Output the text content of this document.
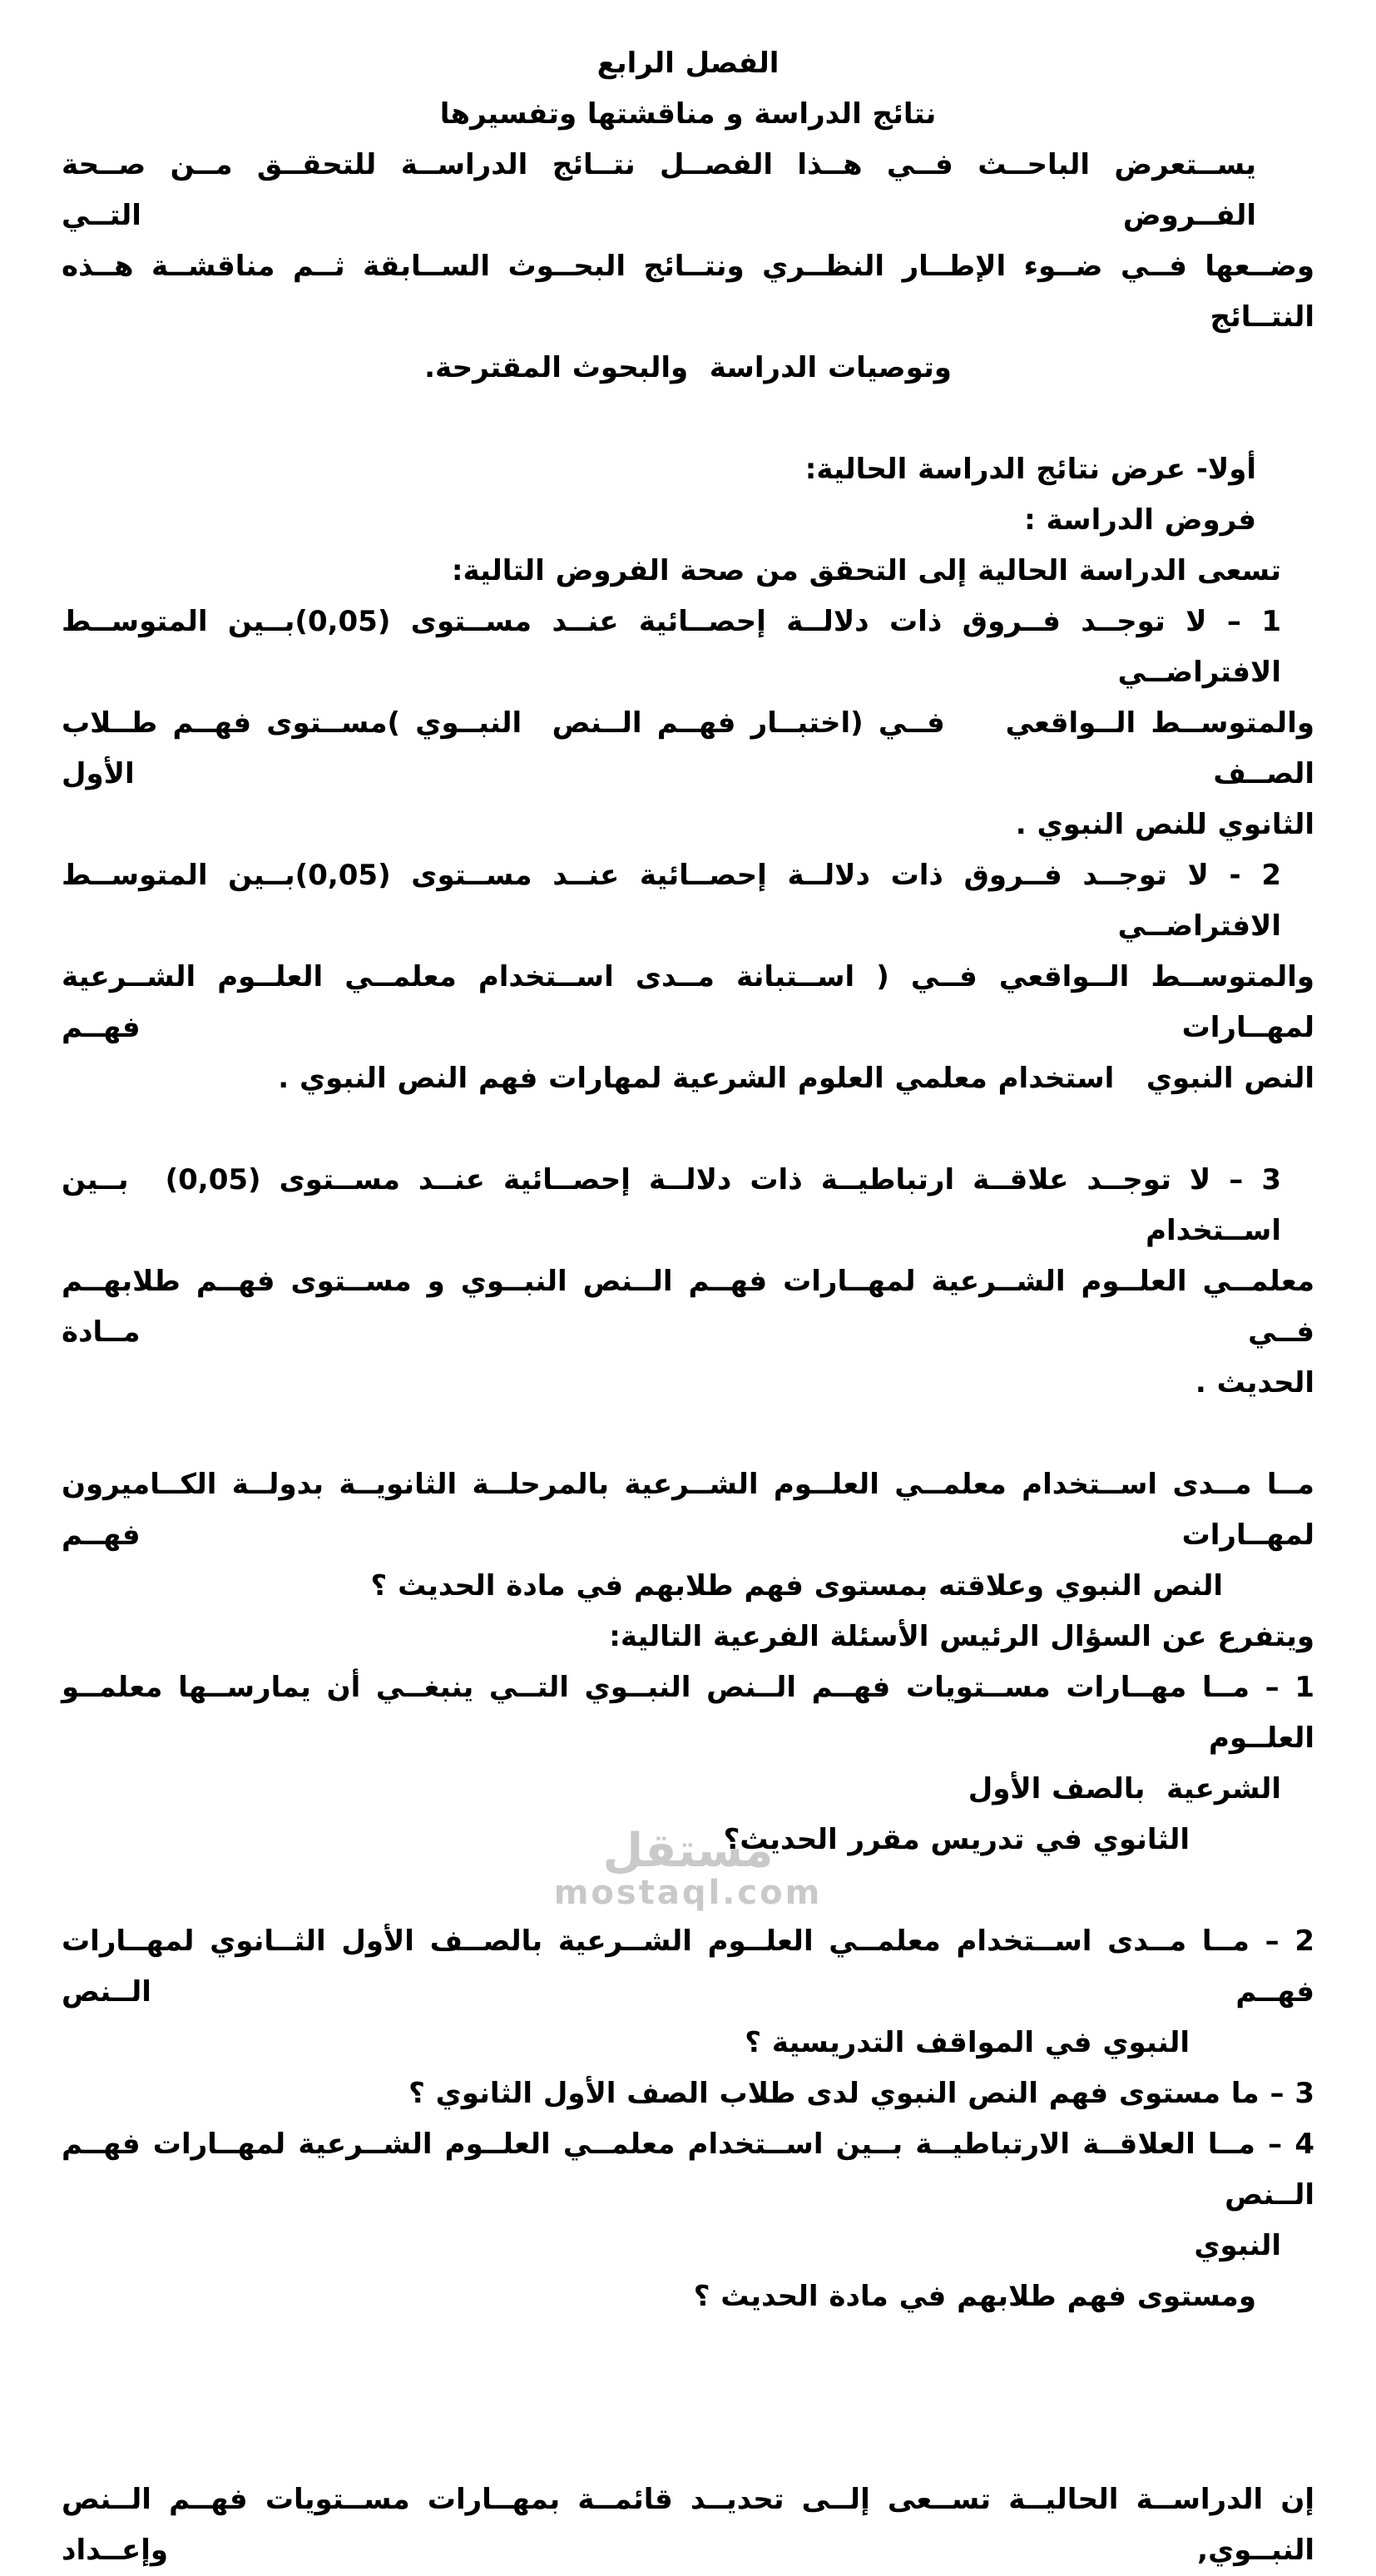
الفصل الرابع
نتائج الدراسة و مناقشتها وتفسيرها
يســتعرض الباحــث فــي هــذا الفصــل نتــائج الدراســة للتحقــق مــن صــحة الفــروض التــي
وضــعها فــي ضــوء الإطــار النظــري ونتــائج البحــوث الســابقة ثــم مناقشــة هــذه النتــائج
وتوصيات الدراسة  والبحوث المقترحة.
أولا- عرض نتائج الدراسة الحالية:
فروض الدراسة :
تسعى الدراسة الحالية إلى التحقق من صحة الفروض التالية:
1 – لا توجــد فــروق ذات دلالــة إحصــائية عنــد مســتوى (0,05)بــين المتوســط الافتراضــي
والمتوســط الــواقعي    فــي (اختبــار فهــم الــنص  النبــوي )مســتوى فهــم طــلاب الصــف الأول
الثانوي للنص النبوي .
2 - لا توجــد فــروق ذات دلالــة إحصــائية عنــد مســتوى (0,05)بــين المتوســط الافتراضــي
والمتوســط الــواقعي فــي ( اســتبانة مــدى اســتخدام معلمــي العلــوم الشــرعية لمهــارات فهــم
النص النبوي   استخدام معلمي العلوم الشرعية لمهارات فهم النص النبوي .
3 – لا توجــد علاقــة ارتباطيــة ذات دلالــة إحصــائية عنــد مســتوى (0,05)  بــين اســتخدام
معلمــي العلــوم الشــرعية لمهــارات فهــم الــنص النبــوي و مســتوى فهــم طلابهــم فــي مــادة
الحديث .
مــا مــدى اســتخدام معلمــي العلــوم الشــرعية بالمرحلــة الثانويــة بدولــة الكــاميرون لمهــارات فهــم
النص النبوي وعلاقته بمستوى فهم طلابهم في مادة الحديث ؟
ويتفرع عن السؤال الرئيس الأسئلة الفرعية التالية:
1 – مــا مهــارات مســتويات فهــم الــنص النبــوي التــي ينبغــي أن يمارســها معلمــو العلــوم
الشرعية  بالصف الأول
الثانوي في تدريس مقرر الحديث؟
2 – مــا مــدى اســتخدام معلمــي العلــوم الشــرعية بالصــف الأول الثــانوي لمهــارات فهــم الــنص
النبوي في المواقف التدريسية ؟
3 – ما مستوى فهم النص النبوي لدى طلاب الصف الأول الثانوي ؟
4 – مــا العلاقــة الارتباطيــة بــين اســتخدام معلمــي العلــوم الشــرعية لمهــارات فهــم الــنص
النبوي
ومستوى فهم طلابهم في مادة الحديث ؟
إن الدراســة الحاليــة تســعى إلــى تحديــد قائمــة بمهــارات مســتويات فهــم الــنص النبــوي, وإعــداد
مستقل
mostaql.com
